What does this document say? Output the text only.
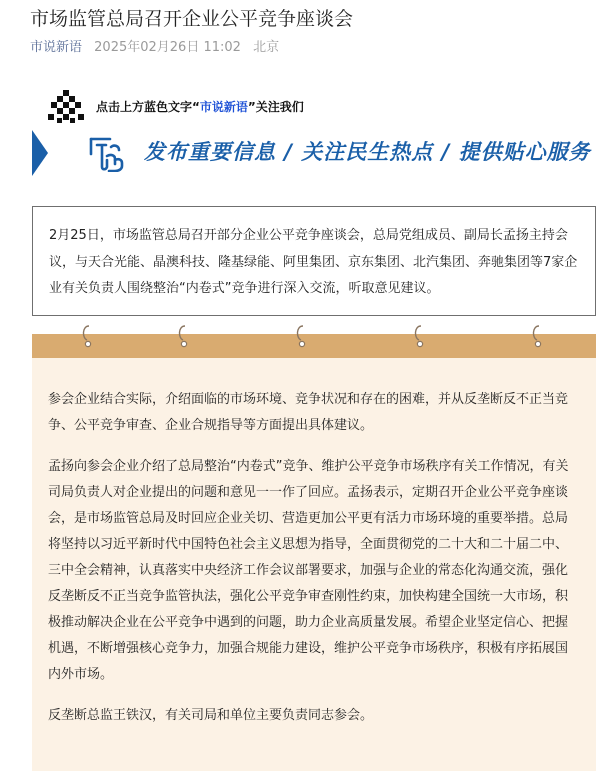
市场监管总局召开企业公平竞争座谈会
市说新语 2025年02月26日 11:02 北京
点击上方蓝色文字“市说新语”关注我们
发布重要信息 / 关注民生热点 / 提供贴心服务
2月25日，市场监管总局召开部分企业公平竞争座谈会，总局党组成员、副局长孟扬主持会议，与天合光能、晶澳科技、隆基绿能、阿里集团、京东集团、北汽集团、奔驰集团等7家企业有关负责人围绕整治“内卷式”竞争进行深入交流，听取意见建议。

参会企业结合实际，介绍面临的市场环境、竞争状况和存在的困难，并从反垄断反不正当竞争、公平竞争审查、企业合规指导等方面提出具体建议。

孟扬向参会企业介绍了总局整治“内卷式”竞争、维护公平竞争市场秩序有关工作情况，有关司局负责人对企业提出的问题和意见一一作了回应。孟扬表示，定期召开企业公平竞争座谈会，是市场监管总局及时回应企业关切、营造更加公平更有活力市场环境的重要举措。总局将坚持以习近平新时代中国特色社会主义思想为指导，全面贯彻党的二十大和二十届二中、三中全会精神，认真落实中央经济工作会议部署要求，加强与企业的常态化沟通交流，强化反垄断反不正当竞争监管执法，强化公平竞争审查刚性约束，加快构建全国统一大市场，积极推动解决企业在公平竞争中遇到的问题，助力企业高质量发展。希望企业坚定信心、把握机遇，不断增强核心竞争力，加强合规能力建设，维护公平竞争市场秩序，积极有序拓展国内外市场。

反垄断总监王铁汉，有关司局和单位主要负责同志参会。
